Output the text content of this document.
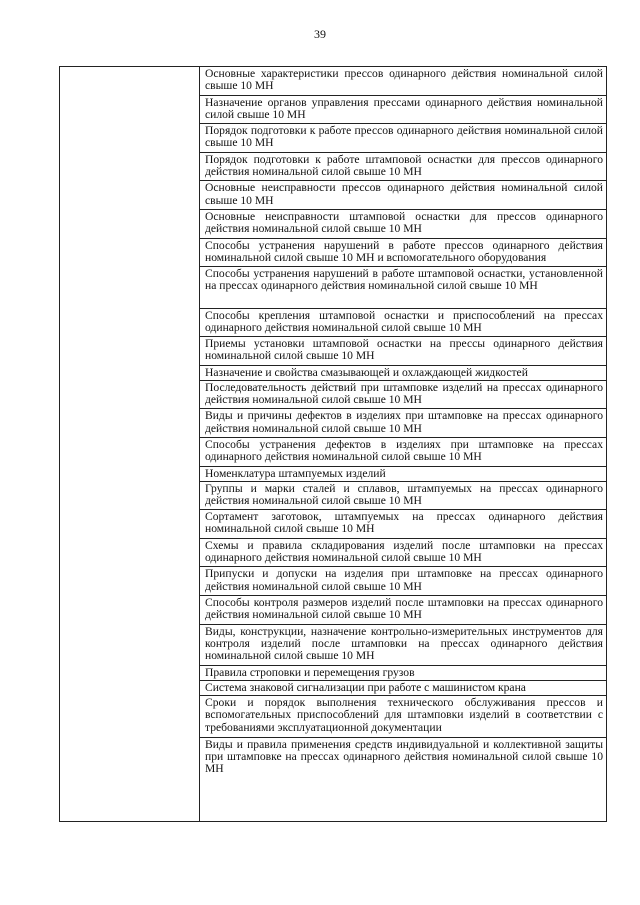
39
Основные характеристики прессов одинарного действия номинальной силой свыше 10 МН
Назначение органов управления прессами одинарного действия номинальной силой свыше 10 МН
Порядок подготовки к работе прессов одинарного действия номинальной силой свыше 10 МН
Порядок подготовки к работе штамповой оснастки для прессов одинарного действия номинальной силой свыше 10 МН
Основные неисправности прессов одинарного действия номинальной силой свыше 10 МН
Основные неисправности штамповой оснастки для прессов одинарного действия номинальной силой свыше 10 МН
Способы устранения нарушений в работе прессов одинарного действия номинальной силой свыше 10 МН и вспомогательного оборудования
Способы устранения нарушений в работе штамповой оснастки, установленной на прессах одинарного действия номинальной силой свыше 10 МН
Способы крепления штамповой оснастки и приспособлений на прессах одинарного действия номинальной силой свыше 10 МН
Приемы установки штамповой оснастки на прессы одинарного действия номинальной силой свыше 10 МН
Назначение и свойства смазывающей и охлаждающей жидкостей
Последовательность действий при штамповке изделий на прессах одинарного действия номинальной силой свыше 10 МН
Виды и причины дефектов в изделиях при штамповке на прессах одинарного действия номинальной силой свыше 10 МН
Способы устранения дефектов в изделиях при штамповке на прессах одинарного действия номинальной силой свыше 10 МН
Номенклатура штампуемых изделий
Группы и марки сталей и сплавов, штампуемых на прессах одинарного действия номинальной силой свыше 10 МН
Сортамент заготовок, штампуемых на прессах одинарного действия номинальной силой свыше 10 МН
Схемы и правила складирования изделий после штамповки на прессах одинарного действия номинальной силой свыше 10 МН
Припуски и допуски на изделия при штамповке на прессах одинарного действия номинальной силой свыше 10 МН
Способы контроля размеров изделий после штамповки на прессах одинарного действия номинальной силой свыше 10 МН
Виды, конструкции, назначение контрольно-измерительных инструментов для контроля изделий после штамповки на прессах одинарного действия номинальной силой свыше 10 МН
Правила строповки и перемещения грузов
Система знаковой сигнализации при работе с машинистом крана
Сроки и порядок выполнения технического обслуживания прессов и вспомогательных приспособлений для штамповки изделий в соответствии с требованиями эксплуатационной документации
Виды и правила применения средств индивидуальной и коллективной защиты при штамповке на прессах одинарного действия номинальной силой свыше 10 МН
